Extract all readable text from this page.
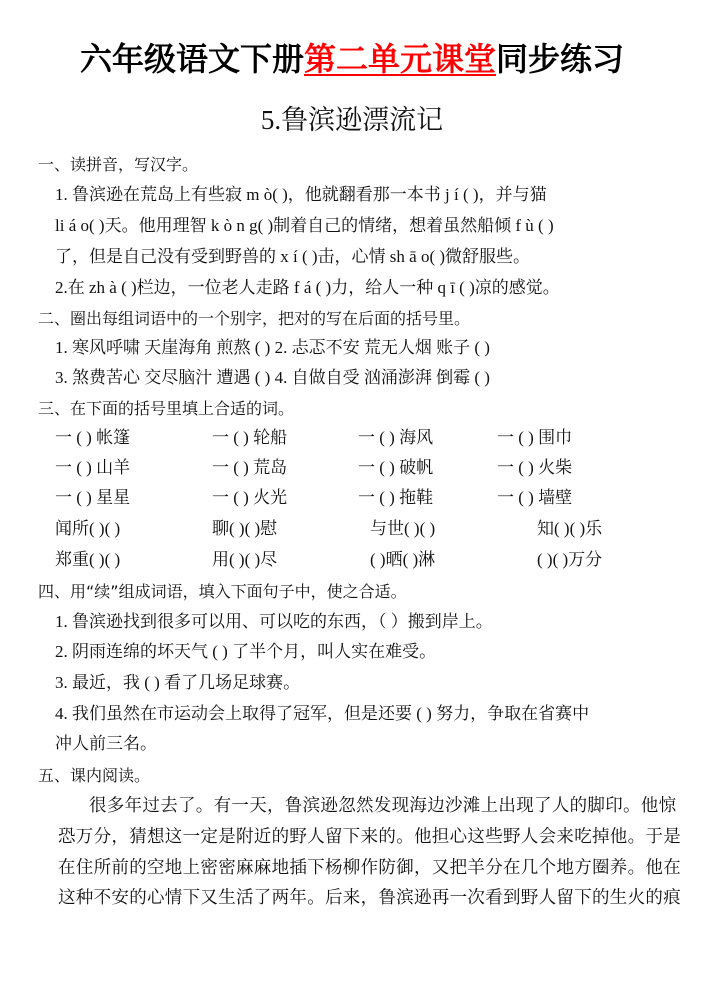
六年级语文下册第二单元课堂同步练习
5.鲁滨逊漂流记
一、读拼音，写汉字。
1. 鲁滨逊在荒岛上有些寂 m ò( )，他就翻看那一本书 j í ( )，并与猫
li á o( )天。他用理智 k ò n g( )制着自己的情绪，想着虽然船倾 f ù ( )
了，但是自己没有受到野兽的 x í ( )击，心情 sh ā o( )微舒服些。
2.在 zh à ( )栏边，一位老人走路 f á ( )力，给人一种 q ī ( )凉的感觉。
二、圈出每组词语中的一个别字，把对的写在后面的括号里。
1. 寒风呼啸 天崖海角 煎熬 ( ) 2. 忐忑不安 荒无人烟 账子 ( )
3. 煞费苦心 交尽脑汁 遭遇 ( ) 4. 自做自受 汹涌澎湃 倒霉 ( )
三、在下面的括号里填上合适的词。
一 ( ) 帐篷	一 ( ) 轮船	一 ( ) 海风	一 ( ) 围巾
一 ( ) 山羊	一 ( ) 荒岛	一 ( ) 破帆	一 ( ) 火柴
一 ( ) 星星	一 ( ) 火光	一 ( ) 拖鞋	一 ( ) 墙壁
闻所( )( )	聊( )( )慰	与世( )( )	知( )( )乐
郑重( )( )	用( )( )尽	( )晒( )淋	( )( )万分
四、用“续”组成词语，填入下面句子中，使之合适。
1. 鲁滨逊找到很多可以用、可以吃的东西，（ ）搬到岸上。
2. 阴雨连绵的坏天气 ( ) 了半个月，叫人实在难受。
3. 最近，我 ( ) 看了几场足球赛。
4. 我们虽然在市运动会上取得了冠军，但是还要 ( ) 努力，争取在省赛中
冲人前三名。
五、课内阅读。
很多年过去了。有一天，鲁滨逊忽然发现海边沙滩上出现了人的脚印。他惊
恐万分，猜想这一定是附近的野人留下来的。他担心这些野人会来吃掉他。于是
在住所前的空地上密密麻麻地插下杨柳作防御，又把羊分在几个地方圈养。他在
这种不安的心情下又生活了两年。后来，鲁滨逊再一次看到野人留下的生火的痕
